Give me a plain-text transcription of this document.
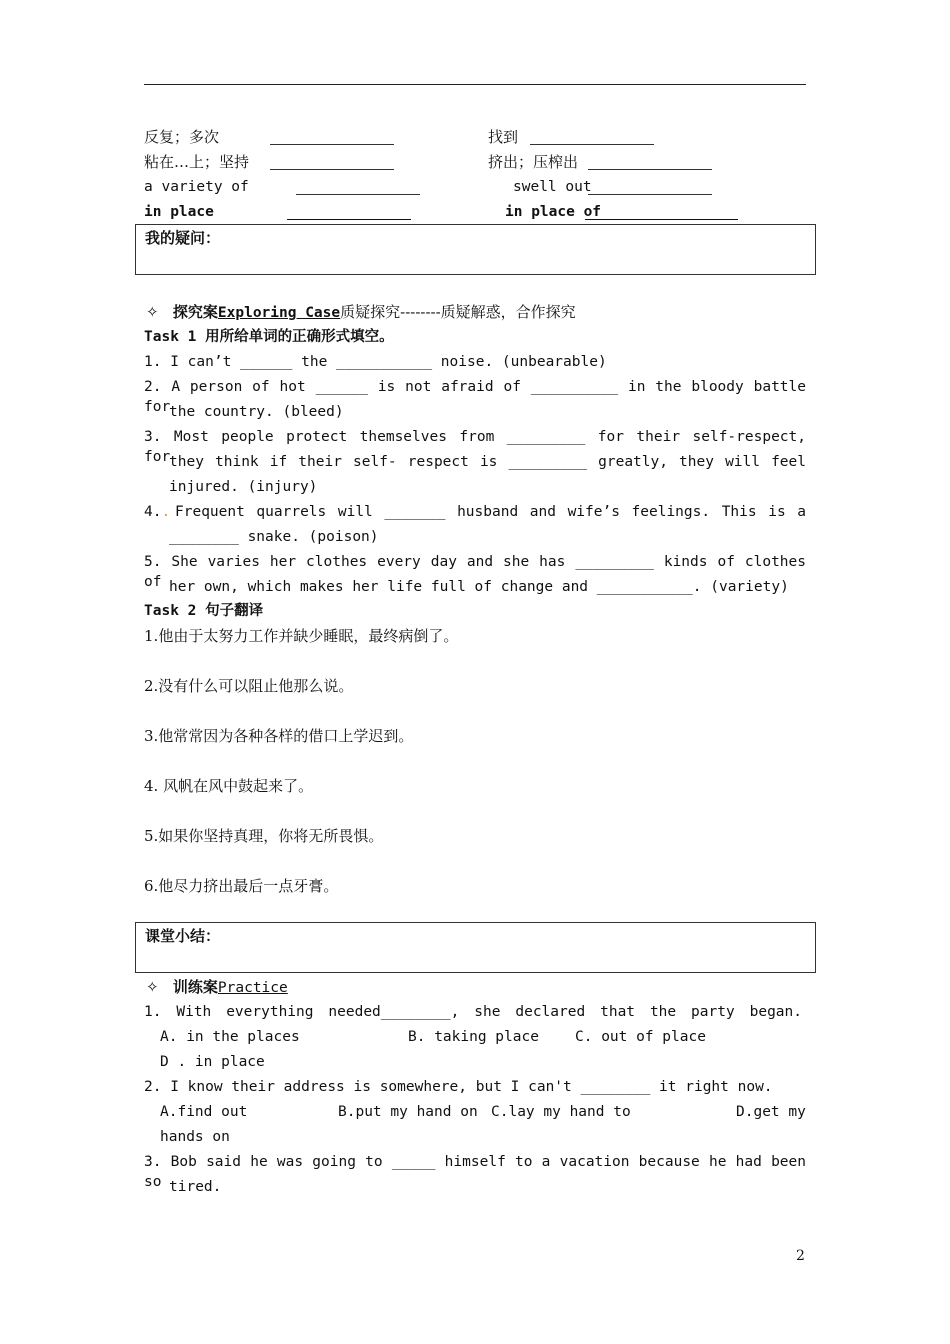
反复；多次	找到
粘在…上；坚持	挤出；压榨出
a variety of	swell out
in place	in place of
我的疑问：
✧ 探究案Exploring Case质疑探究--------质疑解惑，合作探究
Task 1 用所给单词的正确形式填空。
1. I can’t ______ the ___________ noise. (unbearable)
2. A person of hot ______ is not afraid of __________ in the bloody battle for
the country. (bleed)
3. Most people protect themselves from _________ for their self-respect, for
they think if their self- respect is _________ greatly, they will feel
injured. (injury)
4.. Frequent quarrels will _______ husband and wife’s feelings. This is a
________ snake. (poison)
5. She varies her clothes every day and she has _________ kinds of clothes of her own, which makes her life full of change and ___________. (variety)
Task 2 句子翻译
1.他由于太努力工作并缺少睡眠，最终病倒了。
2.没有什么可以阻止他那么说。
3.他常常因为各种各样的借口上学迟到。
4. 风帆在风中鼓起来了。
5.如果你坚持真理，你将无所畏惧。
6.他尽力挤出最后一点牙膏。
课堂小结：
✧ 训练案Practice
1. With everything needed________, she declared that the party began.
A. in the places	B. taking place C. out of place
D . in place
2. I know their address is somewhere, but I can't ________ it right now.
A.find out	B.put my hand on C.lay my hand to	D.get my
hands on
3. Bob said he was going to _____ himself to a vacation because he had been so tired.
2
